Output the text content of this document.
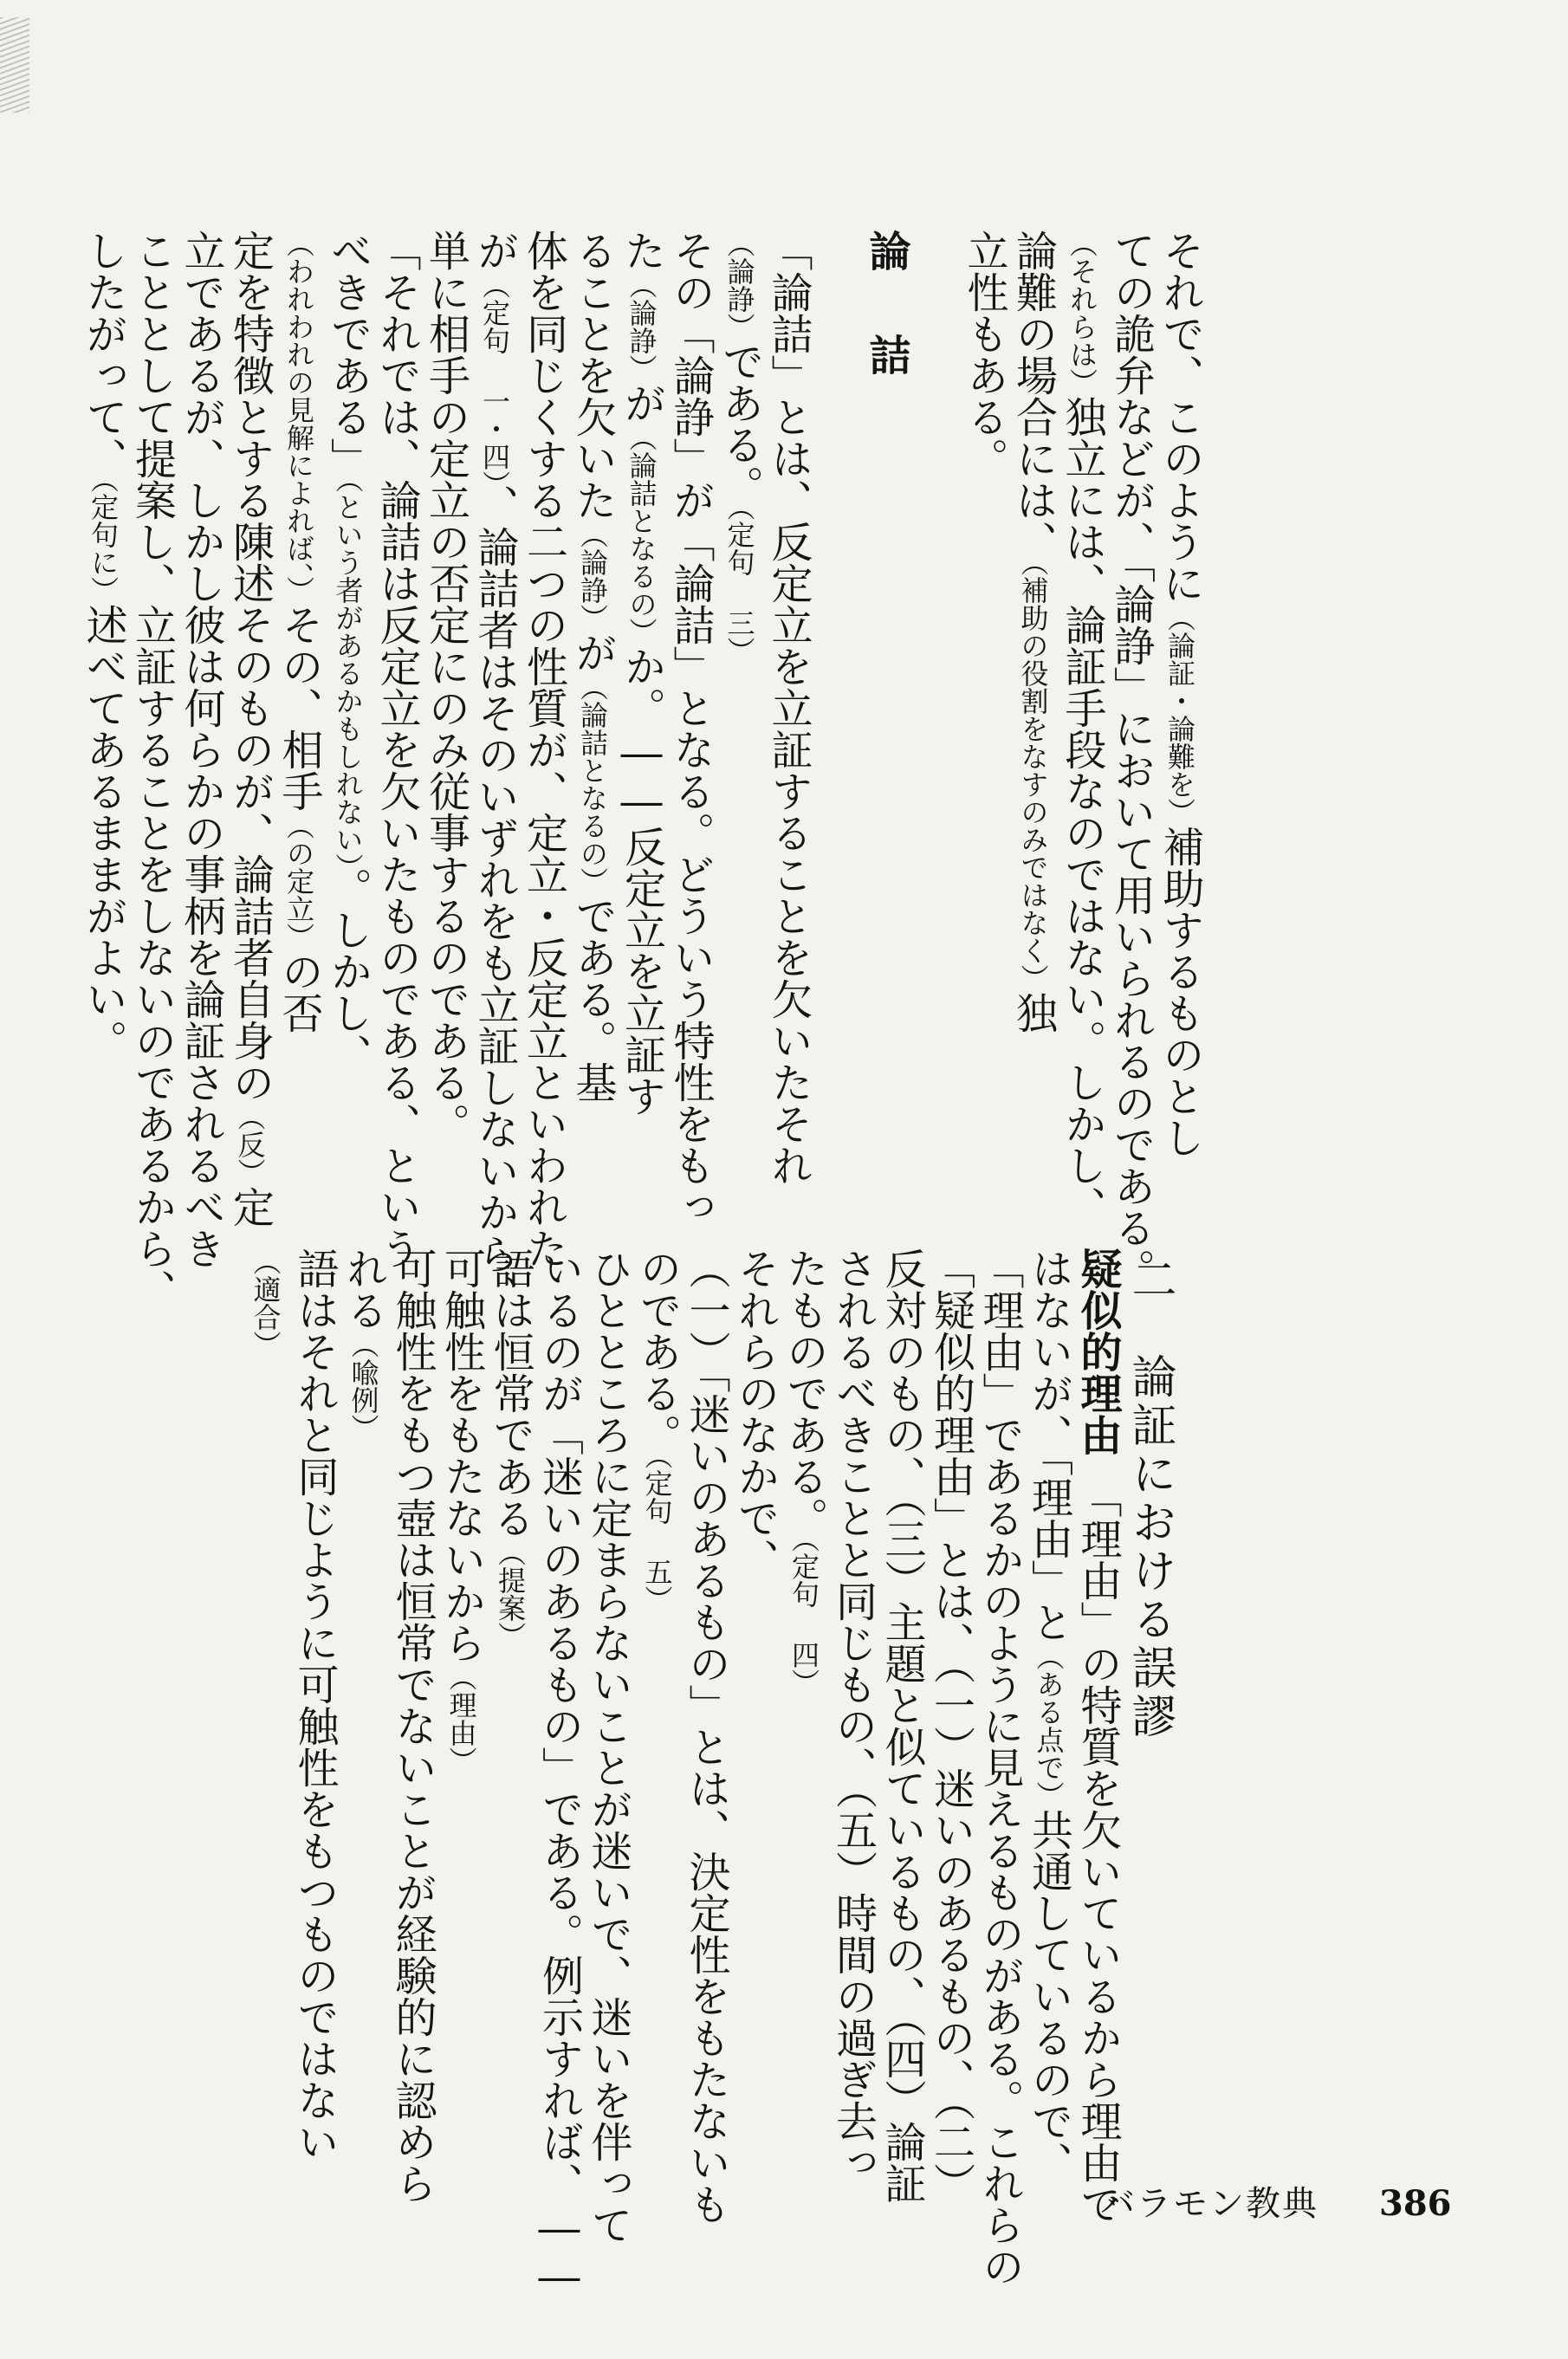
それで、このように（論証・論難を）補助するものとし
ての詭弁などが、「論諍」において用いられるのである。
（それらは）独立には、論証手段なのではない。しかし、
論難の場合には、（補助の役割をなすのみではなく）独
立性もある。
論　詰
「論詰」とは、反定立を立証することを欠いたそれ
（論諍）である。（定句 三）
その「論諍」が「論詰」となる。どういう特性をもっ
た（論諍）が（論詰となるの）か。――反定立を立証す
ることを欠いた（論諍）が（論詰となるの）である。基
体を同じくする二つの性質が、定立・反定立といわれた
が（定句 一・四）、論詰者はそのいずれをも立証しないから、
単に相手の定立の否定にのみ従事するのである。
「それでは、論詰は反定立を欠いたものである、という
べきである」（という者があるかもしれない）。しかし、
（われわれの見解によれば、）その、相手（の定立）の否
定を特徴とする陳述そのものが、論詰者自身の（反）定
立であるが、しかし彼は何らかの事柄を論証されるべき
こととして提案し、立証することをしないのであるから、
したがって、（定句に）述べてあるままがよい。
二　論証における誤謬
疑似的理由　「理由」の特質を欠いているから理由で
はないが、「理由」と（ある点で）共通しているので、
「理由」であるかのように見えるものがある。これらの
「疑似的理由」とは、（一）迷いのあるもの、（二）
反対のもの、（三）主題と似ているもの、（四）論証
されるべきことと同じもの、（五）時間の過ぎ去っ
たものである。（定句 四）
それらのなかで、
（一）「迷いのあるもの」とは、決定性をもたないも
のである。（定句 五）
ひとところに定まらないことが迷いで、迷いを伴って
いるのが「迷いのあるもの」である。例示すれば、――
語は恒常である（提案）
可触性をもたないから（理由）
可触性をもつ壺は恒常でないことが経験的に認めら
れる（喩例）
語はそれと同じように可触性をもつものではない
（適合）
バラモン教典 386
